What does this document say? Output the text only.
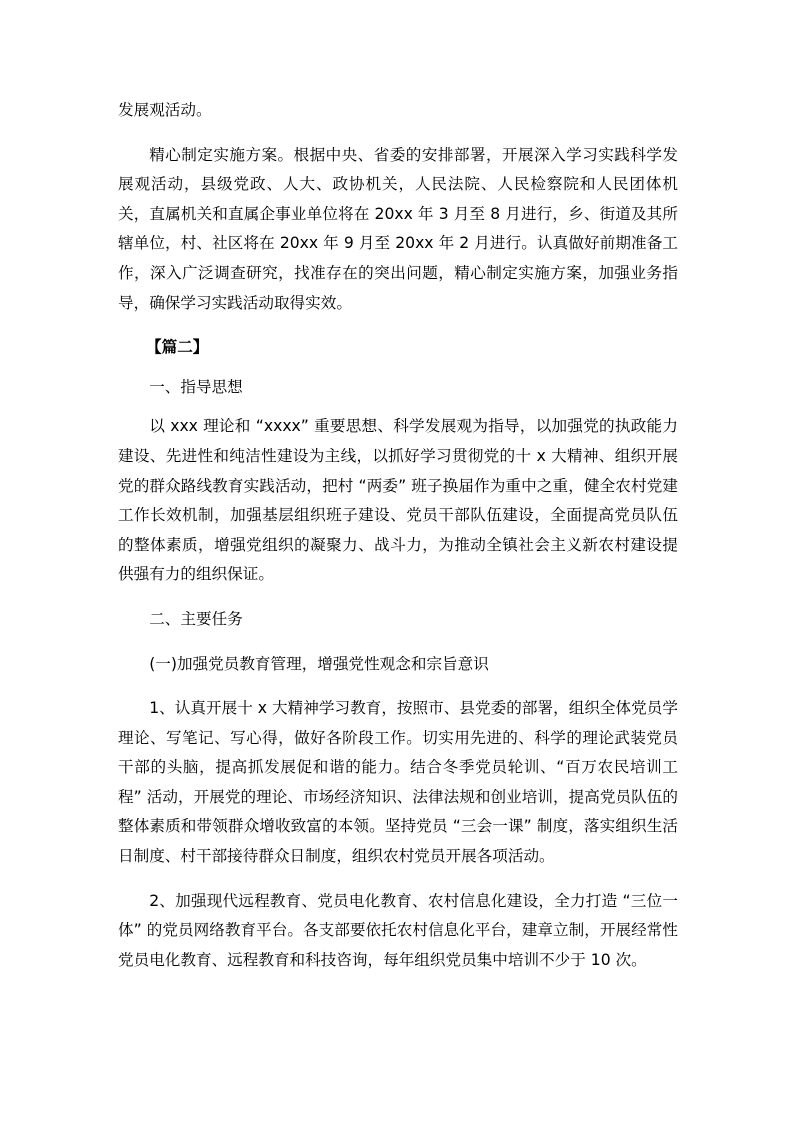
发展观活动。

精心制定实施方案。根据中央、省委的安排部署，开展深入学习实践科学发展观活动，县级党政、人大、政协机关，人民法院、人民检察院和人民团体机关，直属机关和直属企事业单位将在 20xx 年 3 月至 8 月进行，乡、街道及其所辖单位，村、社区将在 20xx 年 9 月至 20xx 年 2 月进行。认真做好前期准备工作，深入广泛调查研究，找准存在的突出问题，精心制定实施方案，加强业务指导，确保学习实践活动取得实效。

【篇二】

一、指导思想

以 xxx 理论和 “xxxx” 重要思想、科学发展观为指导，以加强党的执政能力建设、先进性和纯洁性建设为主线，以抓好学习贯彻党的十 x 大精神、组织开展党的群众路线教育实践活动，把村 “两委” 班子换届作为重中之重，健全农村党建工作长效机制，加强基层组织班子建设、党员干部队伍建设，全面提高党员队伍的整体素质，增强党组织的凝聚力、战斗力，为推动全镇社会主义新农村建设提供强有力的组织保证。

二、主要任务

(一)加强党员教育管理，增强党性观念和宗旨意识

1、认真开展十 x 大精神学习教育，按照市、县党委的部署，组织全体党员学理论、写笔记、写心得，做好各阶段工作。切实用先进的、科学的理论武装党员干部的头脑，提高抓发展促和谐的能力。结合冬季党员轮训、“百万农民培训工程” 活动，开展党的理论、市场经济知识、法律法规和创业培训，提高党员队伍的整体素质和带领群众增收致富的本领。坚持党员 “三会一课” 制度，落实组织生活日制度、村干部接待群众日制度，组织农村党员开展各项活动。

2、加强现代远程教育、党员电化教育、农村信息化建设，全力打造 “三位一体” 的党员网络教育平台。各支部要依托农村信息化平台，建章立制，开展经常性党员电化教育、远程教育和科技咨询，每年组织党员集中培训不少于 10 次。
